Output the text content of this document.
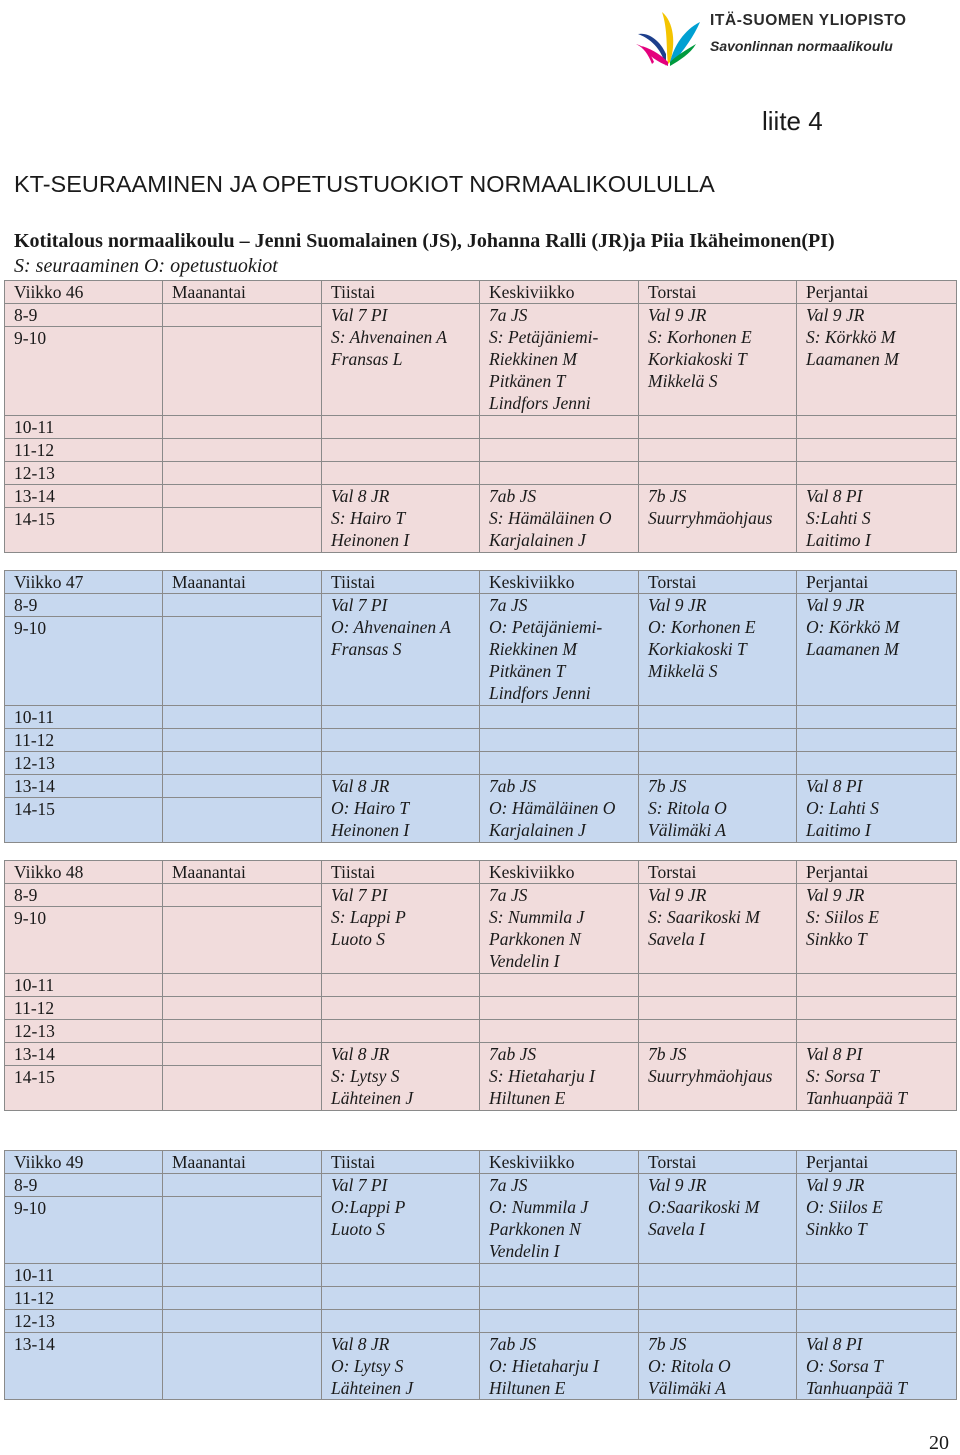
ITÄ-SUOMEN YLIOPISTO
Savonlinnan normaalikoulu
liite 4
KT-SEURAAMINEN JA OPETUSTUOKIOT NORMAALIKOULULLA
Kotitalous normaalikoulu – Jenni Suomalainen (JS), Johanna Ralli (JR)ja Piia Ikäheimonen(PI)
S: seuraaminen O: opetustuokiot
Viikko 46	Maanantai	Tiistai	Keskiviikko	Torstai	Perjantai
8-9		Val 7 PI
S: Ahvenainen A
Fransas L	7a JS
S: Petäjäniemi-
Riekkinen M
Pitkänen T
Lindfors Jenni	Val 9 JR
S: Korhonen E
Korkiakoski T
Mikkelä S	Val 9 JR
S: Körkkö M
Laamanen M

9-10					
10-11					
11-12					
12-13					
13-14		Val 8 JR
S: Hairo T
Heinonen I	7ab JS
S: Hämäläinen O
Karjalainen J	7b JS
Suurryhmäohjaus	Val 8 PI
S:Lahti S
Laitimo I

14-15					
Viikko 47	Maanantai	Tiistai	Keskiviikko	Torstai	Perjantai
8-9		Val 7 PI
O: Ahvenainen A
Fransas S	7a JS
O: Petäjäniemi-
Riekkinen M
Pitkänen T
Lindfors Jenni	Val 9 JR
O: Korhonen E
Korkiakoski T
Mikkelä S	Val 9 JR
O: Körkkö M
Laamanen M

9-10					
10-11					
11-12					
12-13					
13-14		Val 8 JR
O: Hairo T
Heinonen I	7ab JS
O: Hämäläinen O
Karjalainen J	7b JS
S: Ritola O
Välimäki A	Val 8 PI
O: Lahti S
Laitimo I

14-15					
Viikko 48	Maanantai	Tiistai	Keskiviikko	Torstai	Perjantai
8-9		Val 7 PI
S: Lappi P
Luoto S	7a JS
S: Nummila J
Parkkonen N
Vendelin I	Val 9 JR
S: Saarikoski M
Savela I	Val 9 JR
S: Siilos E
Sinkko T

9-10					
10-11					
11-12					
12-13					
13-14		Val 8 JR
S: Lytsy S
Lähteinen J	7ab JS
S: Hietaharju I
Hiltunen E	7b JS
Suurryhmäohjaus	Val 8 PI
S: Sorsa T
Tanhuanpää T

14-15					
Viikko 49	Maanantai	Tiistai	Keskiviikko	Torstai	Perjantai
8-9		Val 7 PI
O:Lappi P
Luoto S	7a JS
O: Nummila J
Parkkonen N
Vendelin I	Val 9 JR
O:Saarikoski M
Savela I	Val 9 JR
O: Siilos E
Sinkko T

9-10					
10-11					
11-12					
12-13					
13-14		Val 8 JR
O: Lytsy S
Lähteinen J	7ab JS
O: Hietaharju I
Hiltunen E	7b JS
O: Ritola O
Välimäki A	Val 8 PI
O: Sorsa T
Tanhuanpää T
20
